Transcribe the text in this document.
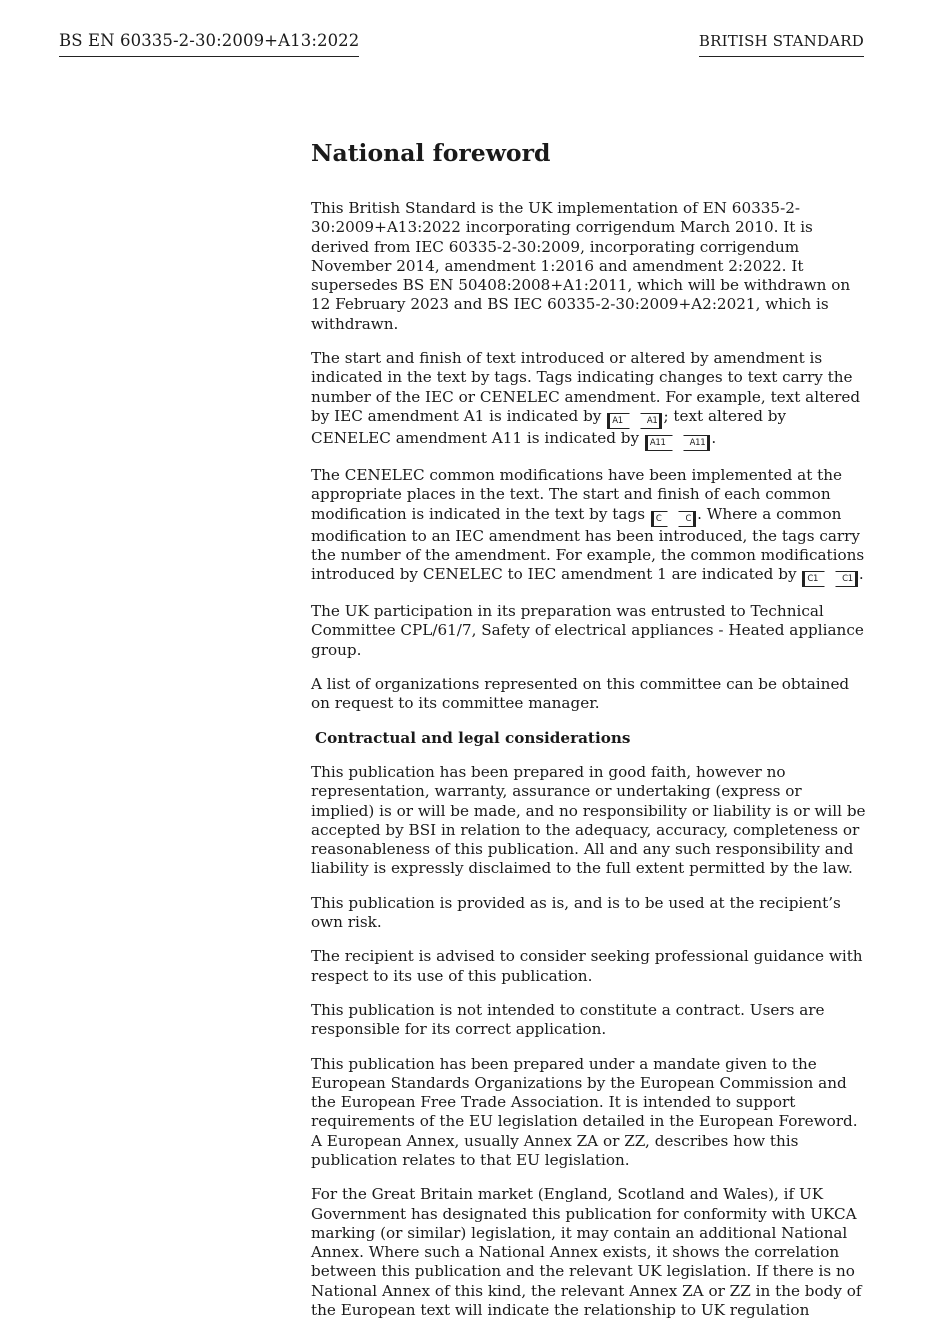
BS EN 60335-2-30:2009+A13:2022	BRITISH STANDARD
National foreword

This British Standard is the UK implementation of EN 60335-2-30:2009+A13:2022 incorporating corrigendum March 2010. It is derived from IEC 60335-2-30:2009, incorporating corrigendum November 2014, amendment 1:2016 and amendment 2:2022. It supersedes BS EN 50408:2008+A1:2011, which will be withdrawn on 12 February 2023 and BS IEC 60335-2-30:2009+A2:2021, which is withdrawn.

The start and finish of text introduced or altered by amendment is indicated in the text by tags. Tags indicating changes to text carry the number of the IEC or CENELEC amendment. For example, text altered by IEC amendment A1 is indicated by A1	A1 ; text altered by CENELEC amendment A11 is indicated by A11	A11 .

The CENELEC common modifications have been implemented at the appropriate places in the text. The start and finish of each common modification is indicated in the text by tags C	C . Where a common modification to an IEC amendment has been introduced, the tags carry the number of the amendment. For example, the common modifications introduced by CENELEC to IEC amendment 1 are indicated by C1	C1 .

The UK participation in its preparation was entrusted to Technical Committee CPL/61/7, Safety of electrical appliances - Heated appliance group.

A list of organizations represented on this committee can be obtained on request to its committee manager.

Contractual and legal considerations

This publication has been prepared in good faith, however no representation, warranty, assurance or undertaking (express or implied) is or will be made, and no responsibility or liability is or will be accepted by BSI in relation to the adequacy, accuracy, completeness or reasonableness of this publication. All and any such responsibility and liability is expressly disclaimed to the full extent permitted by the law.

This publication is provided as is, and is to be used at the recipient’s own risk.

The recipient is advised to consider seeking professional guidance with respect to its use of this publication.

This publication is not intended to constitute a contract. Users are responsible for its correct application.

This publication has been prepared under a mandate given to the European Standards Organizations by the European Commission and the European Free Trade Association. It is intended to support requirements of the EU legislation detailed in the European Foreword. A European Annex, usually Annex ZA or ZZ, describes how this publication relates to that EU legislation.

For the Great Britain market (England, Scotland and Wales), if UK Government has designated this publication for conformity with UKCA marking (or similar) legislation, it may contain an additional National Annex. Where such a National Annex exists, it shows the correlation between this publication and the relevant UK legislation. If there is no National Annex of this kind, the relevant Annex ZA or ZZ in the body of the European text will indicate the relationship to UK regulation
